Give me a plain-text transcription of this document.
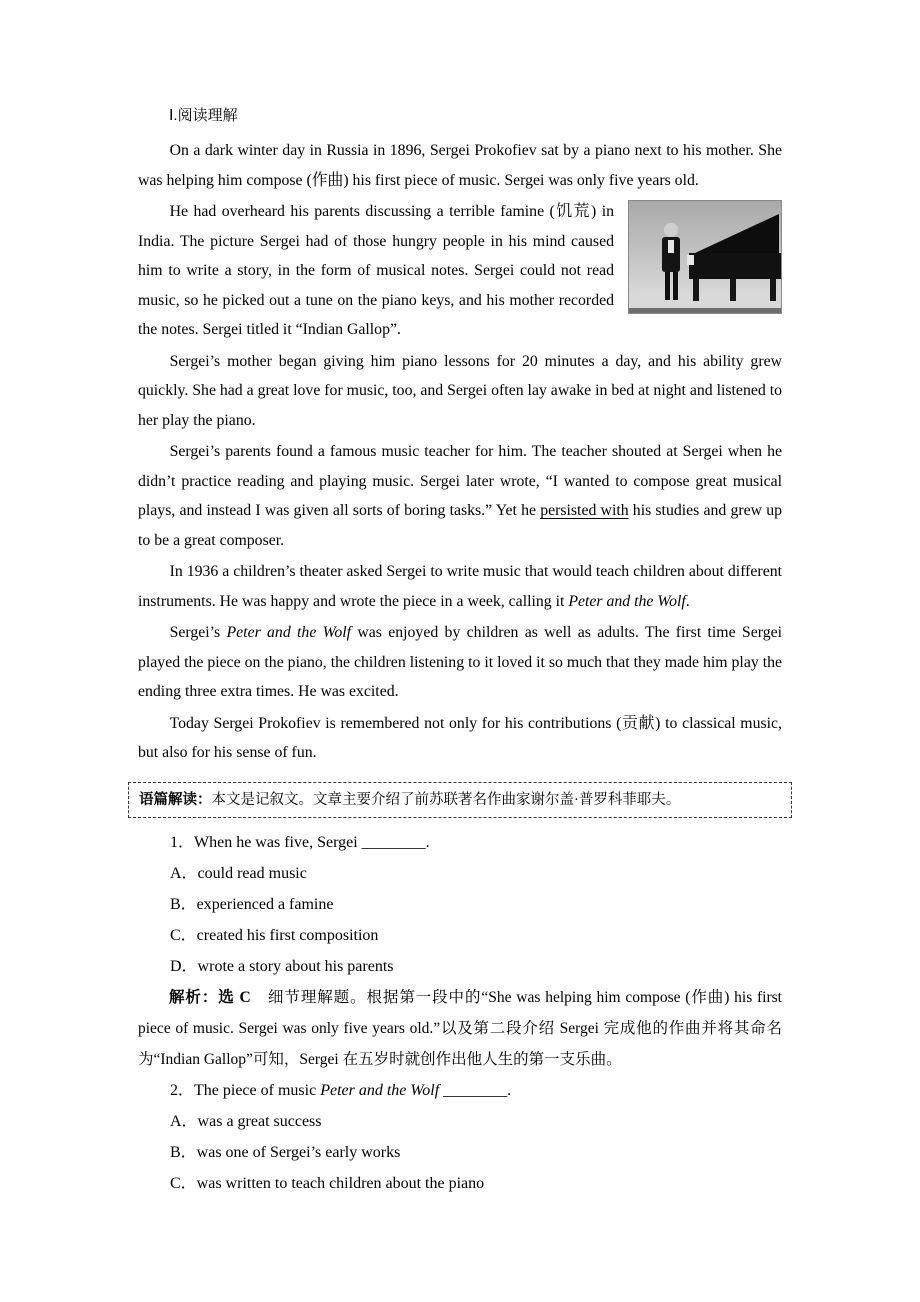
Ⅰ.阅读理解

On a dark winter day in Russia in 1896, Sergei Prokofiev sat by a piano next to his mother. She was helping him compose (作曲) his first piece of music. Sergei was only five years old.

He had overheard his parents discussing a terrible famine (饥荒) in India. The picture Sergei had of those hungry people in his mind caused him to write a story, in the form of musical notes. Sergei could not read music, so he picked out a tune on the piano keys, and his mother recorded the notes. Sergei titled it “Indian Gallop”.

Sergei’s mother began giving him piano lessons for 20 minutes a day, and his ability grew quickly. She had a great love for music, too, and Sergei often lay awake in bed at night and listened to her play the piano.

Sergei’s parents found a famous music teacher for him. The teacher shouted at Sergei when he didn’t practice reading and playing music. Sergei later wrote, “I wanted to compose great musical plays, and instead I was given all sorts of boring tasks.” Yet he persisted with his studies and grew up to be a great composer.

In 1936 a children’s theater asked Sergei to write music that would teach children about different instruments. He was happy and wrote the piece in a week, calling it Peter and the Wolf.

Sergei’s Peter and the Wolf was enjoyed by children as well as adults. The first time Sergei played the piece on the piano, the children listening to it loved it so much that they made him play the ending three extra times. He was excited.

Today Sergei Prokofiev is remembered not only for his contributions (贡献) to classical music, but also for his sense of fun.

语篇解读：本文是记叙文。文章主要介绍了前苏联著名作曲家谢尔盖·普罗科菲耶夫。

1．When he was five, Sergei ________.

A．could read music

B．experienced a famine

C．created his first composition

D．wrote a story about his parents

解析：选 C　细节理解题。根据第一段中的“She was helping him compose (作曲) his first piece of music. Sergei was only five years old.”以及第二段介绍 Sergei 完成他的作曲并将其命名为“Indian Gallop”可知，Sergei 在五岁时就创作出他人生的第一支乐曲。

2．The piece of music Peter and the Wolf ________.

A．was a great success

B．was one of Sergei’s early works

C．was written to teach children about the piano
